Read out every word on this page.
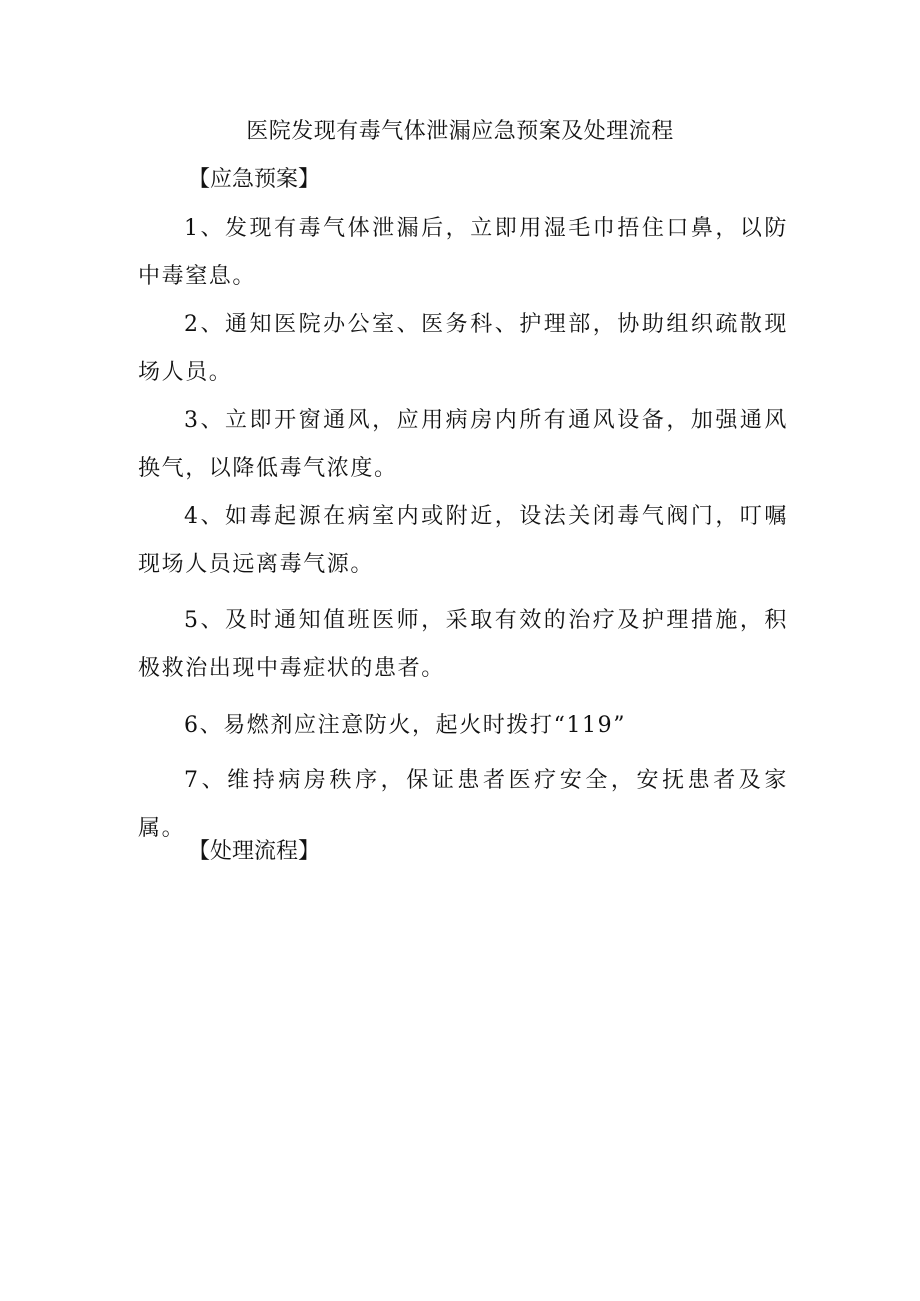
医院发现有毒气体泄漏应急预案及处理流程
【应急预案】
1、发现有毒气体泄漏后，立即用湿毛巾捂住口鼻，以防中毒窒息。
2、通知医院办公室、医务科、护理部，协助组织疏散现场人员。
3、立即开窗通风，应用病房内所有通风设备，加强通风换气，以降低毒气浓度。
4、如毒起源在病室内或附近，设法关闭毒气阀门，叮嘱现场人员远离毒气源。
5、及时通知值班医师，采取有效的治疗及护理措施，积极救治出现中毒症状的患者。
6、易燃剂应注意防火，起火时拨打“119”
7、维持病房秩序，保证患者医疗安全，安抚患者及家属。
【处理流程】
